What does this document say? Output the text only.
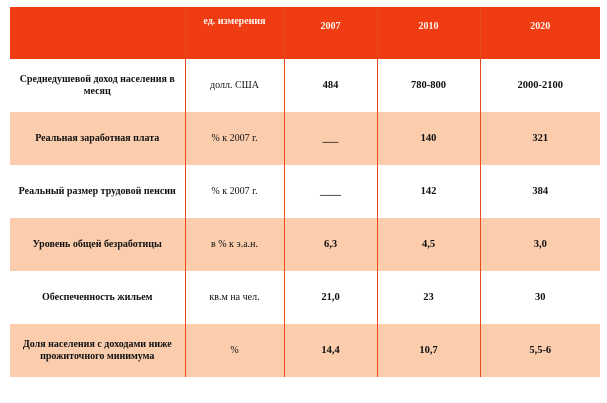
	ед. измерения	2007	2010	2020
Среднедушевой доход населения в месяц	долл. США	484	780-800	2000-2100
Реальная заработная плата	% к 2007 г.	___	140	321
Реальный размер трудовой пенсии	% к 2007 г.	____	142	384
Уровень общей безработицы	в % к э.а.н.	6,3	4,5	3,0
Обеспеченность жильем	кв.м на чел.	21,0	23	30
Доля населения с доходами ниже прожиточного минимума	%	14,4	10,7	5,5-6
